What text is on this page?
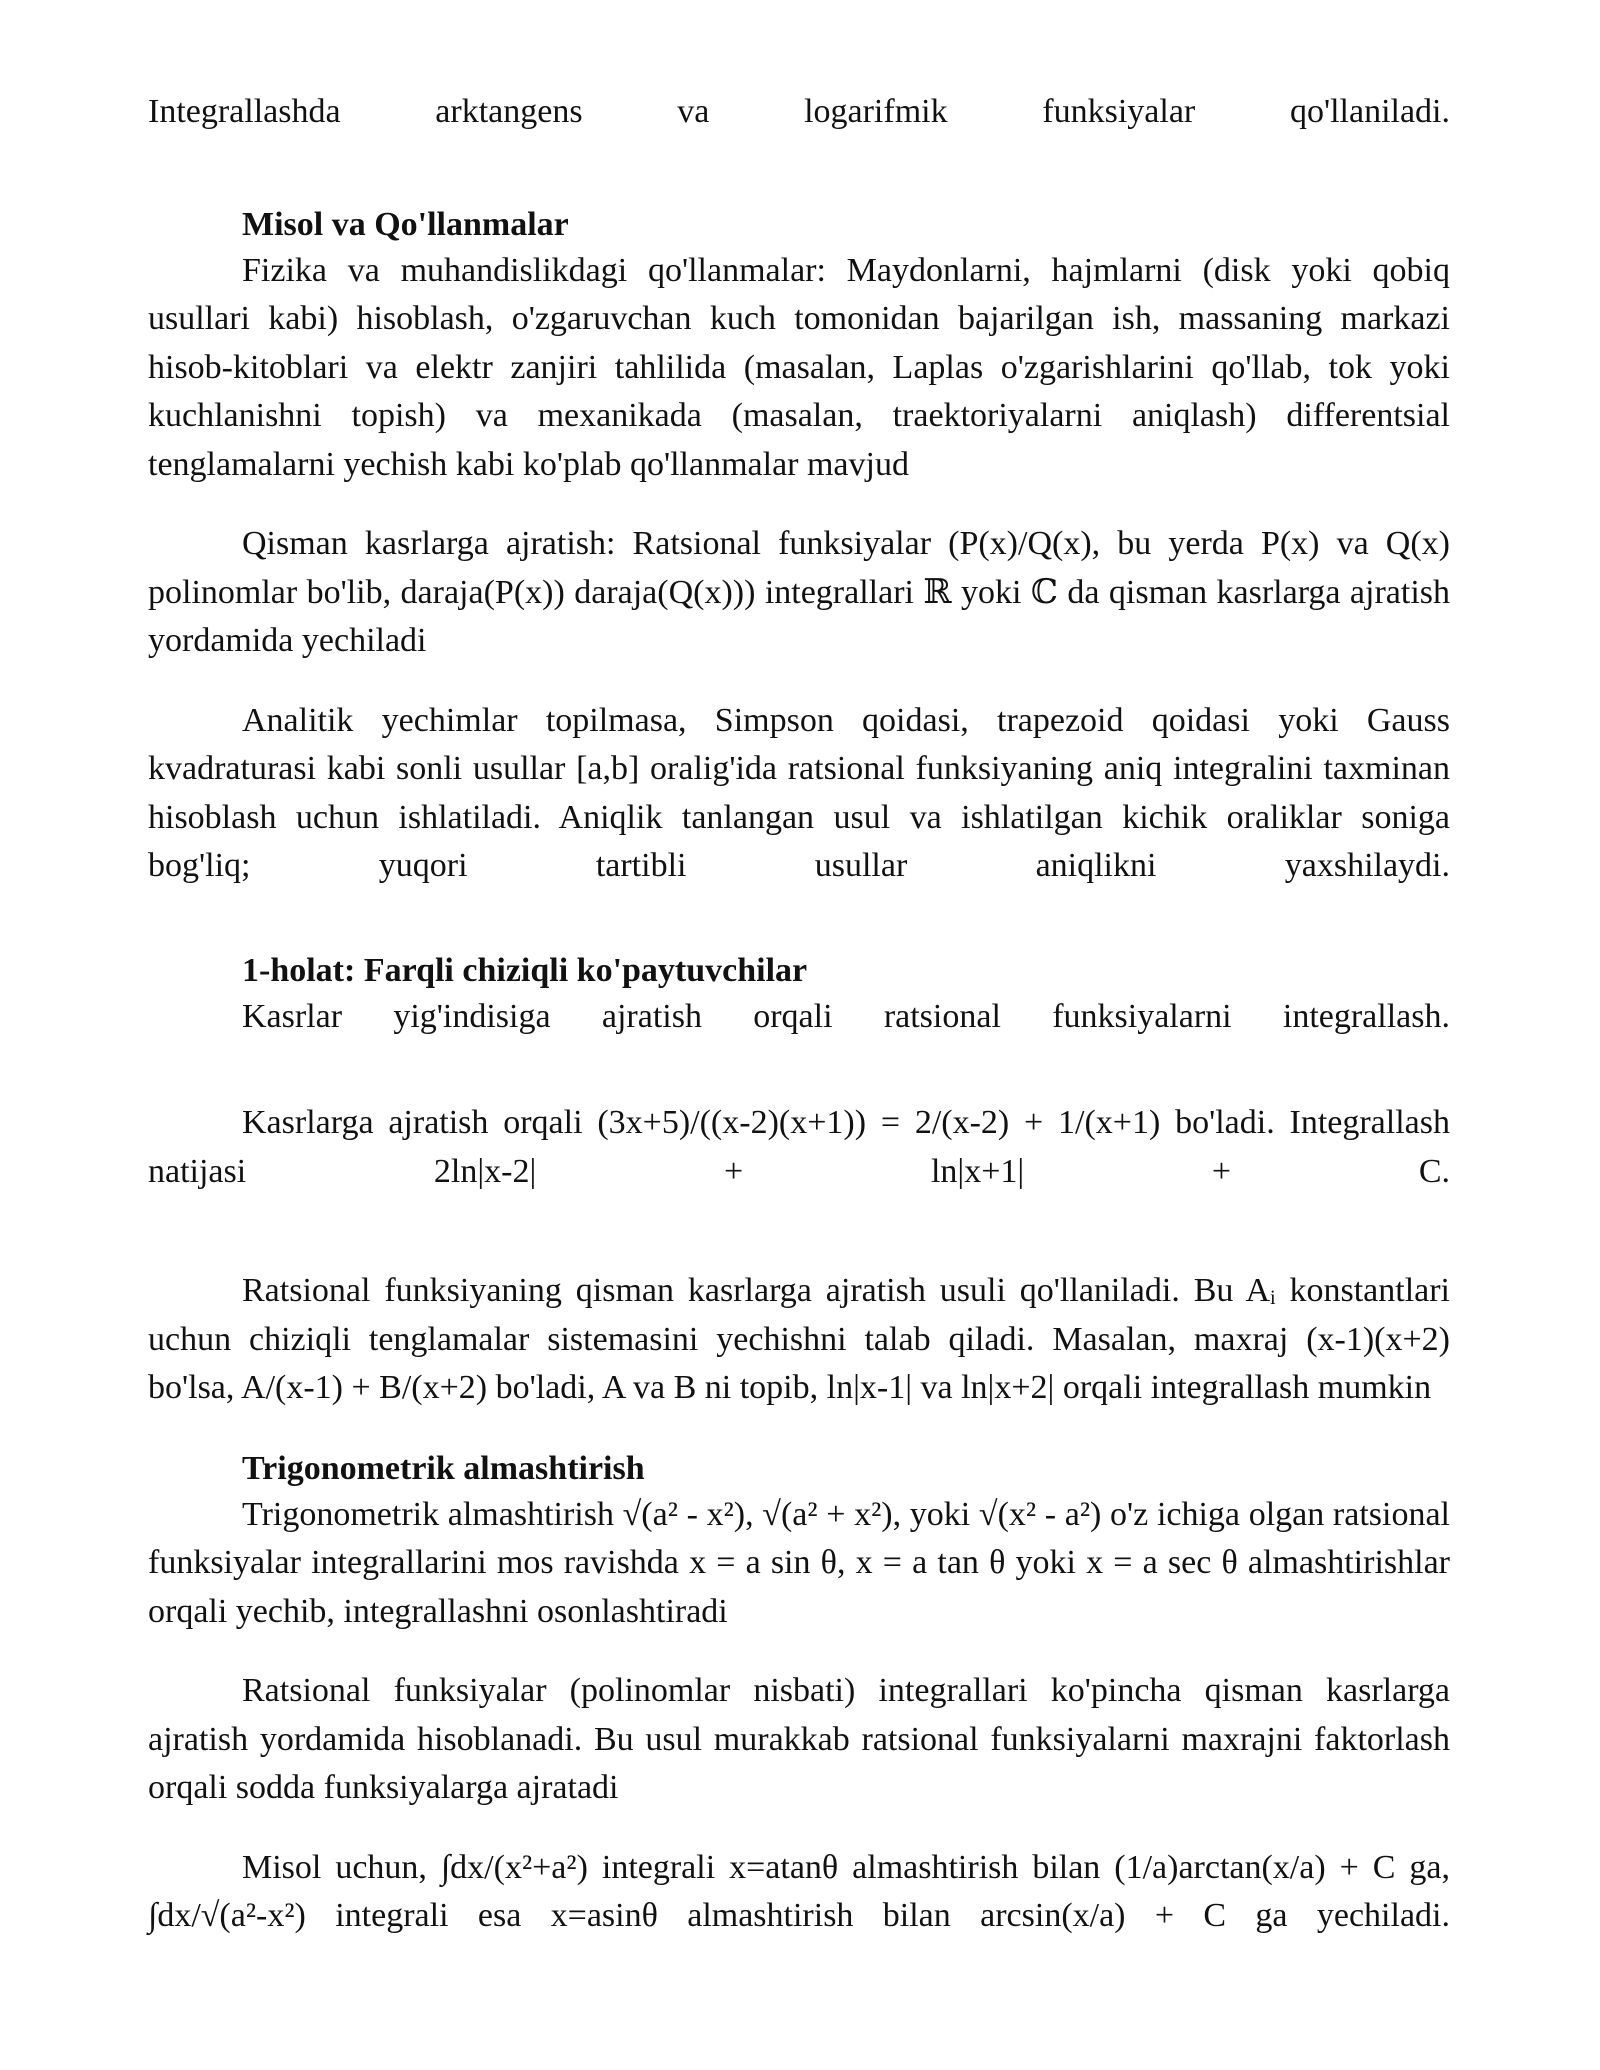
Integrallashda arktangens va logarifmik funksiyalar qo'llaniladi.

Misol va Qo'llanmalar

Fizika va muhandislikdagi qo'llanmalar: Maydonlarni, hajmlarni (disk yoki qobiq usullari kabi) hisoblash, o'zgaruvchan kuch tomonidan bajarilgan ish, massaning markazi hisob-kitoblari va elektr zanjiri tahlilida (masalan, Laplas o'zgarishlarini qo'llab, tok yoki kuchlanishni topish) va mexanikada (masalan, traektoriyalarni aniqlash) differentsial tenglamalarni yechish kabi ko'plab qo'llanmalar mavjud

Qisman kasrlarga ajratish: Ratsional funksiyalar (P(x)/Q(x), bu yerda P(x) va Q(x) polinomlar bo'lib, daraja(P(x)) daraja(Q(x))) integrallari ℝ yoki ℂ da qisman kasrlarga ajratish yordamida yechiladi

Analitik yechimlar topilmasa, Simpson qoidasi, trapezoid qoidasi yoki Gauss kvadraturasi kabi sonli usullar [a,b] oralig'ida ratsional funksiyaning aniq integralini taxminan hisoblash uchun ishlatiladi. Aniqlik tanlangan usul va ishlatilgan kichik oraliklar soniga bog'liq; yuqori tartibli usullar aniqlikni yaxshilaydi.

1-holat: Farqli chiziqli ko'paytuvchilar

Kasrlar yig'indisiga ajratish orqali ratsional funksiyalarni integrallash.

Kasrlarga ajratish orqali (3x+5)/((x-2)(x+1)) = 2/(x-2) + 1/(x+1) bo'ladi. Integrallash natijasi 2ln|x-2| + ln|x+1| + C.

Ratsional funksiyaning qisman kasrlarga ajratish usuli qo'llaniladi. Bu Aᵢ konstantlari uchun chiziqli tenglamalar sistemasini yechishni talab qiladi. Masalan, maxraj (x-1)(x+2) bo'lsa, A/(x-1) + B/(x+2) bo'ladi, A va B ni topib, ln|x-1| va ln|x+2| orqali integrallash mumkin

Trigonometrik almashtirish

Trigonometrik almashtirish √(a² - x²), √(a² + x²), yoki √(x² - a²) o'z ichiga olgan ratsional funksiyalar integrallarini mos ravishda x = a sin θ, x = a tan θ yoki x = a sec θ almashtirishlar orqali yechib, integrallashni osonlashtiradi

Ratsional funksiyalar (polinomlar nisbati) integrallari ko'pincha qisman kasrlarga ajratish yordamida hisoblanadi. Bu usul murakkab ratsional funksiyalarni maxrajni faktorlash orqali sodda funksiyalarga ajratadi

Misol uchun, ∫dx/(x²+a²) integrali x=atanθ almashtirish bilan (1/a)arctan(x/a) + C ga, ∫dx/√(a²-x²) integrali esa x=asinθ almashtirish bilan arcsin(x/a) + C ga yechiladi.
